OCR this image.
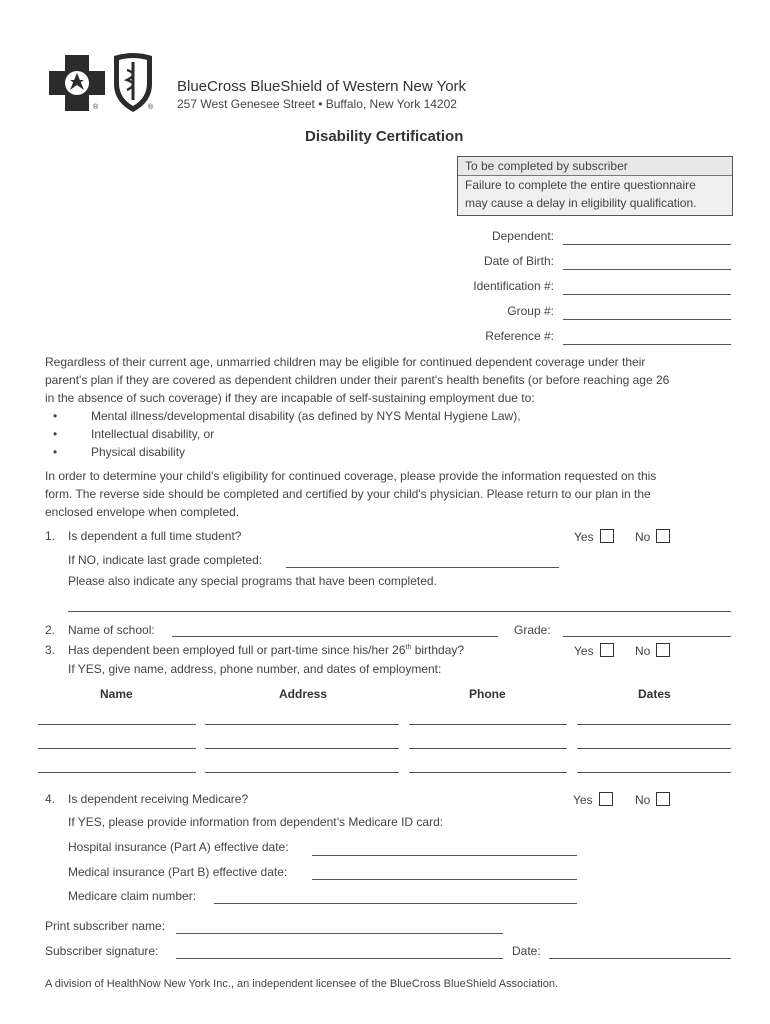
®	®
BlueCross BlueShield of Western New York
257 West Genesee Street • Buffalo, New York 14202
Disability Certification
To be completed by subscriber
Failure to complete the entire questionnaire
may cause a delay in eligibility qualification.
Dependent:
Date of Birth:
Identification #:
Group #:
Reference #:
Regardless of their current age, unmarried children may be eligible for continued dependent coverage under their
parent's plan if they are covered as dependent children under their parent's health benefits (or before reaching age 26
in the absence of such coverage) if they are incapable of self-sustaining employment due to:
• Mental illness/developmental disability (as defined by NYS Mental Hygiene Law),
• Intellectual disability, or
• Physical disability
In order to determine your child's eligibility for continued coverage, please provide the information requested on this
form. The reverse side should be completed and certified by your child's physician. Please return to our plan in the
enclosed envelope when completed.
1. Is dependent a full time student?	Yes	No
If NO, indicate last grade completed:
Please also indicate any special programs that have been completed.
2. Name of school:	Grade:
3. Has dependent been employed full or part-time since his/her 26th birthday?	Yes	No
If YES, give name, address, phone number, and dates of employment:
Name	Address	Phone	Dates
4. Is dependent receiving Medicare?	Yes	No
If YES, please provide information from dependent’s Medicare ID card:
Hospital insurance (Part A) effective date:
Medical insurance (Part B) effective date:
Medicare claim number:
Print subscriber name:
Subscriber signature:	Date:
A division of HealthNow New York Inc., an independent licensee of the BlueCross BlueShield Association.
